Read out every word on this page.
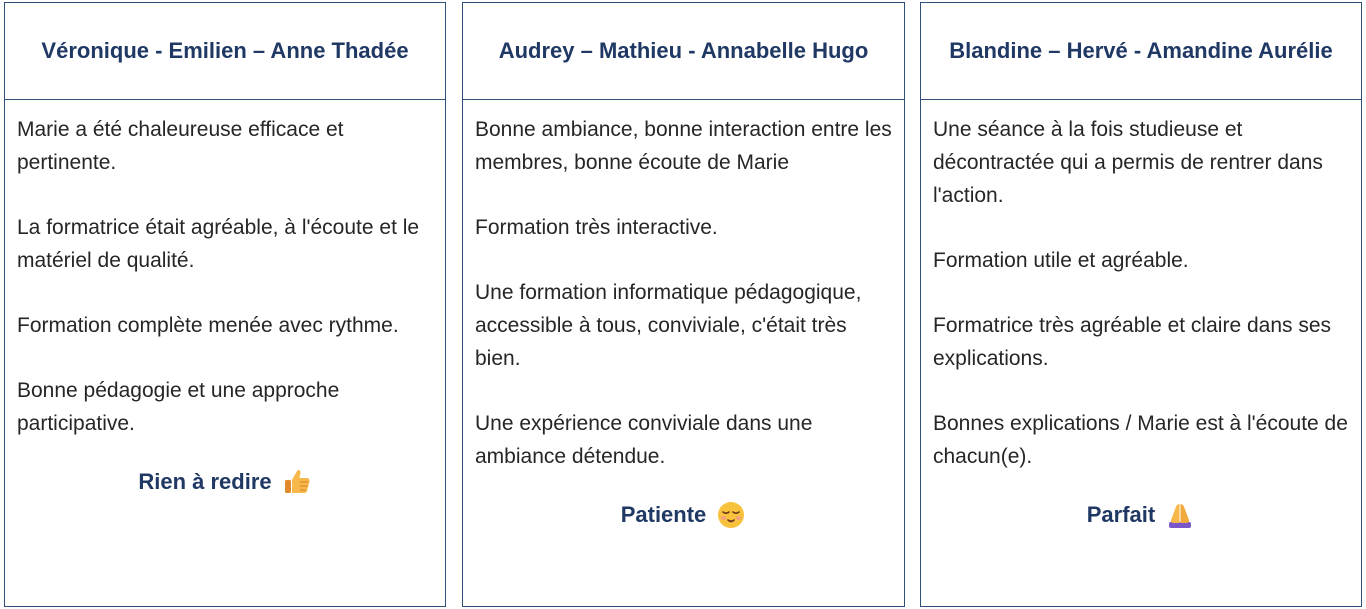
Véronique - Emilien – Anne Thadée

Marie a été chaleureuse efficace et pertinente.

La formatrice était agréable, à l'écoute et le matériel de qualité.

Formation complète menée avec rythme.

Bonne pédagogie et une approche participative.

Rien à redire
Audrey – Mathieu - Annabelle Hugo

Bonne ambiance, bonne interaction entre les membres, bonne écoute de Marie

Formation très interactive.

Une formation informatique pédagogique, accessible à tous, conviviale, c'était très bien.

Une expérience conviviale dans une ambiance détendue.

Patiente
Blandine – Hervé - Amandine Aurélie

Une séance à la fois studieuse et décontractée qui a permis de rentrer dans l'action.

Formation utile et agréable.

Formatrice très agréable et claire dans ses explications.

Bonnes explications / Marie est à l'écoute de chacun(e).

Parfait
